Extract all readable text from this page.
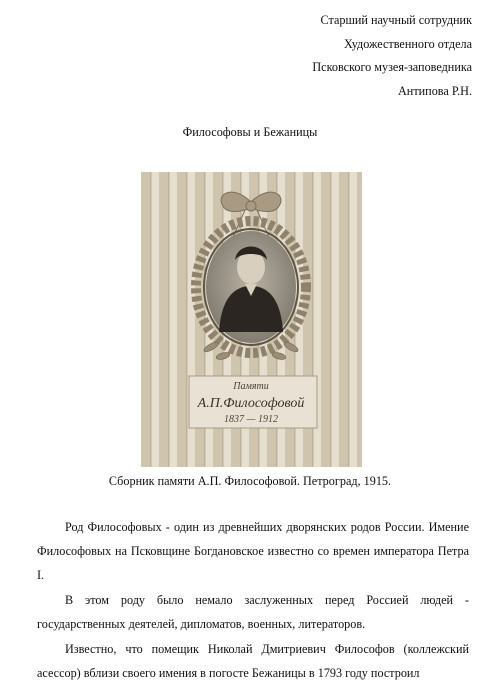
Старший научный сотрудник
Художественного отдела
Псковского музея-заповедника
Антипова Р.Н.
Философовы и Бежаницы
Памяти
А.П.Философовой
1837 — 1912
Сборник памяти А.П. Философовой. Петроград, 1915.

Род Философовых - один из древнейших дворянских родов России. Имение Философовых на Псковщине Богдановское известно со времен императора Петра I.

В этом роду было немало заслуженных перед Россией людей - государственных деятелей, дипломатов, военных, литераторов.

Известно, что помещик Николай Дмитриевич Философов (коллежский асессор) вблизи своего имения в погосте Бежаницы в 1793 году построил
